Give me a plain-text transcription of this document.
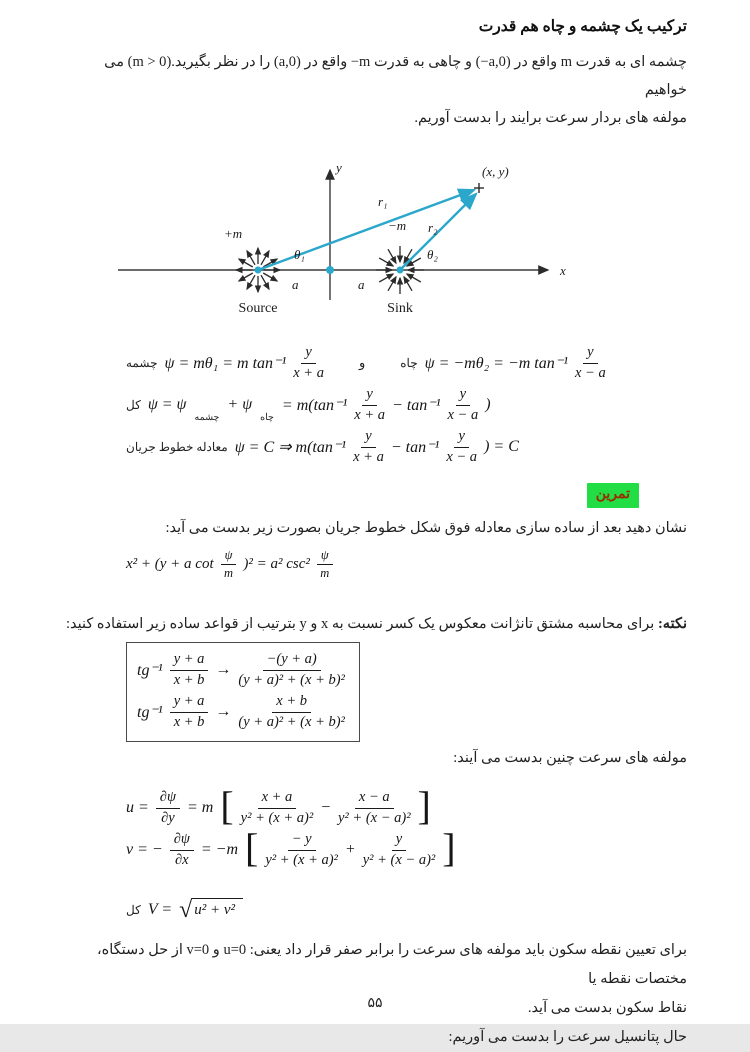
ترکیب یک چشمه و چاه هم قدرت

چشمه ای به قدرت ⁦m⁩ واقع در (⁦−a,0⁩) و چاهی به قدرت ⁦−m⁩ واقع در (⁦a,0⁩) را در نظر بگیرید.(⁦m > 0⁩) می خواهیم

مولفه های بردار سرعت برایند را بدست آوریم.

y
x
(x, y)
r₁
r₂
+m
−m
θ₁	θ₂
a	a
Source	Sink
چشمه ψ = mθ₁ = m $\tan^{-1} \frac{y}{x + a}$	و	چاه ψ = −mθ₂ = −m $\tan^{-1} \frac{y}{x - a}$
کل ψ = ψ
چشمه
+ ψ
چاه
= $m(\tan^{-1} \frac{y}{x + a} - \tan^{-1} \frac{y}{x - a}$ )
معادله خطوط جریان ψ = C ⇒ $m(\tan^{-1} \frac{y}{x + a} - \tan^{-1} \frac{y}{x - a}$ ) = C
تمرین

نشان دهید بعد از ساده سازی معادله فوق شکل خطوط جریان بصورت زیر بدست می آید:

x² + (y + a $\cot \frac{\psi}{m} )^2 = a^2$ $\csc^2 \frac{\psi}{m}$

نکته: برای محاسبه مشتق تانژانت معکوس یک کسر نسبت به ⁦x⁩ و ⁦y⁩ بترتیب از قواعد ساده زیر استفاده کنید:

$tg^{-1} \frac{y + a}{x + b} \to \frac{-(y + a)}{\text{(y + a)² + (x + b)²}}$
$tg^{-1} \frac{y + a}{x + b} \to \frac{x + b}{\text{(y + a)² + (x + b)²}}$

مولفه های سرعت چنین بدست می آیند:

$u = \frac{\partial\psi}{\partial y} = m$ [ $\frac{x + a}{\text{y² + (x + a)²}} - \frac{x - a}{\text{y² + (x − a)²}}$ ]
v = − $\frac{\partial\psi}{\partial x} = -m$ [ $\frac{- y}{\text{y² + (x + a)²}} + \frac{y}{\text{y² + (x − a)²}}$ ]
کل V = √ u² + v²

برای تعیین نقطه سکون باید مولفه های سرعت را برابر صفر قرار داد یعنی: ⁦u=0⁩ و ⁦v=0⁩ از حل دستگاه، مختصات نقطه یا

نقاط سکون بدست می آید.

حال پتانسیل سرعت را بدست می آوریم:

۵۵
